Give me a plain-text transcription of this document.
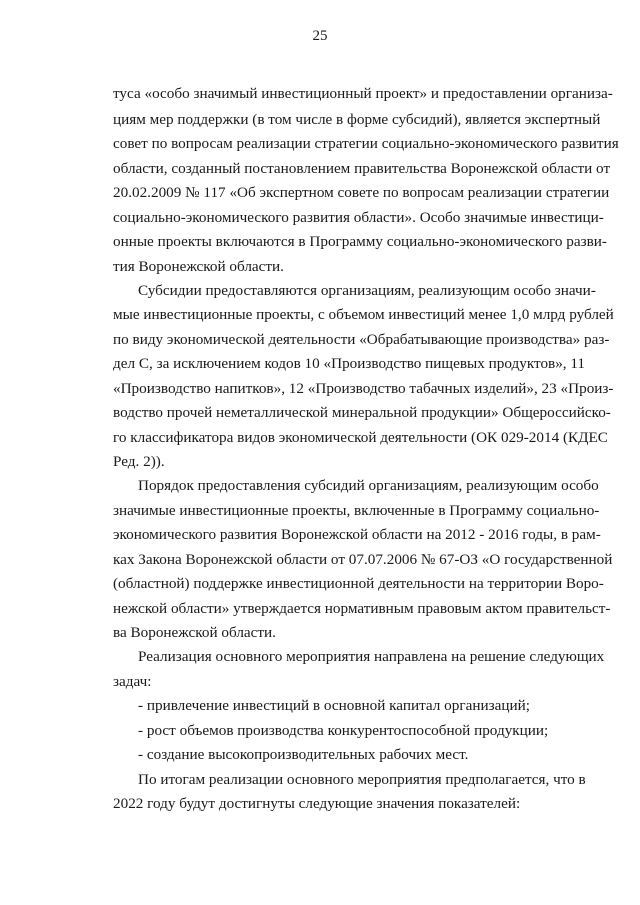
25
туса «особо значимый инвестиционный проект» и предоставлении организа-
циям мер поддержки (в том числе в форме субсидий), является экспертный
совет по вопросам реализации стратегии социально-экономического развития
области, созданный постановлением правительства Воронежской области от
20.02.2009 № 117 «Об экспертном совете по вопросам реализации стратегии
социально-экономического развития области». Особо значимые инвестици-
онные проекты включаются в Программу социально-экономического разви-
тия Воронежской области.
Субсидии предоставляются организациям, реализующим особо значи-
мые инвестиционные проекты, с объемом инвестиций менее 1,0 млрд рублей
по виду экономической деятельности «Обрабатывающие производства» раз-
дел С, за исключением кодов 10 «Производство пищевых продуктов», 11
«Производство напитков», 12 «Производство табачных изделий», 23 «Произ-
водство прочей неметаллической минеральной продукции» Общероссийско-
го классификатора видов экономической деятельности (ОК 029-2014 (КДЕС
Ред. 2)).
Порядок предоставления субсидий организациям, реализующим особо
значимые инвестиционные проекты, включенные в Программу социально-
экономического развития Воронежской области на 2012 - 2016 годы, в рам-
ках Закона Воронежской области от 07.07.2006 № 67-ОЗ «О государственной
(областной) поддержке инвестиционной деятельности на территории Воро-
нежской области» утверждается нормативным правовым актом правительст-
ва Воронежской области.
Реализация основного мероприятия направлена на решение следующих
задач:
- привлечение инвестиций в основной капитал организаций;
- рост объемов производства конкурентоспособной продукции;
- создание высокопроизводительных рабочих мест.
По итогам реализации основного мероприятия предполагается, что в
2022 году будут достигнуты следующие значения показателей:
